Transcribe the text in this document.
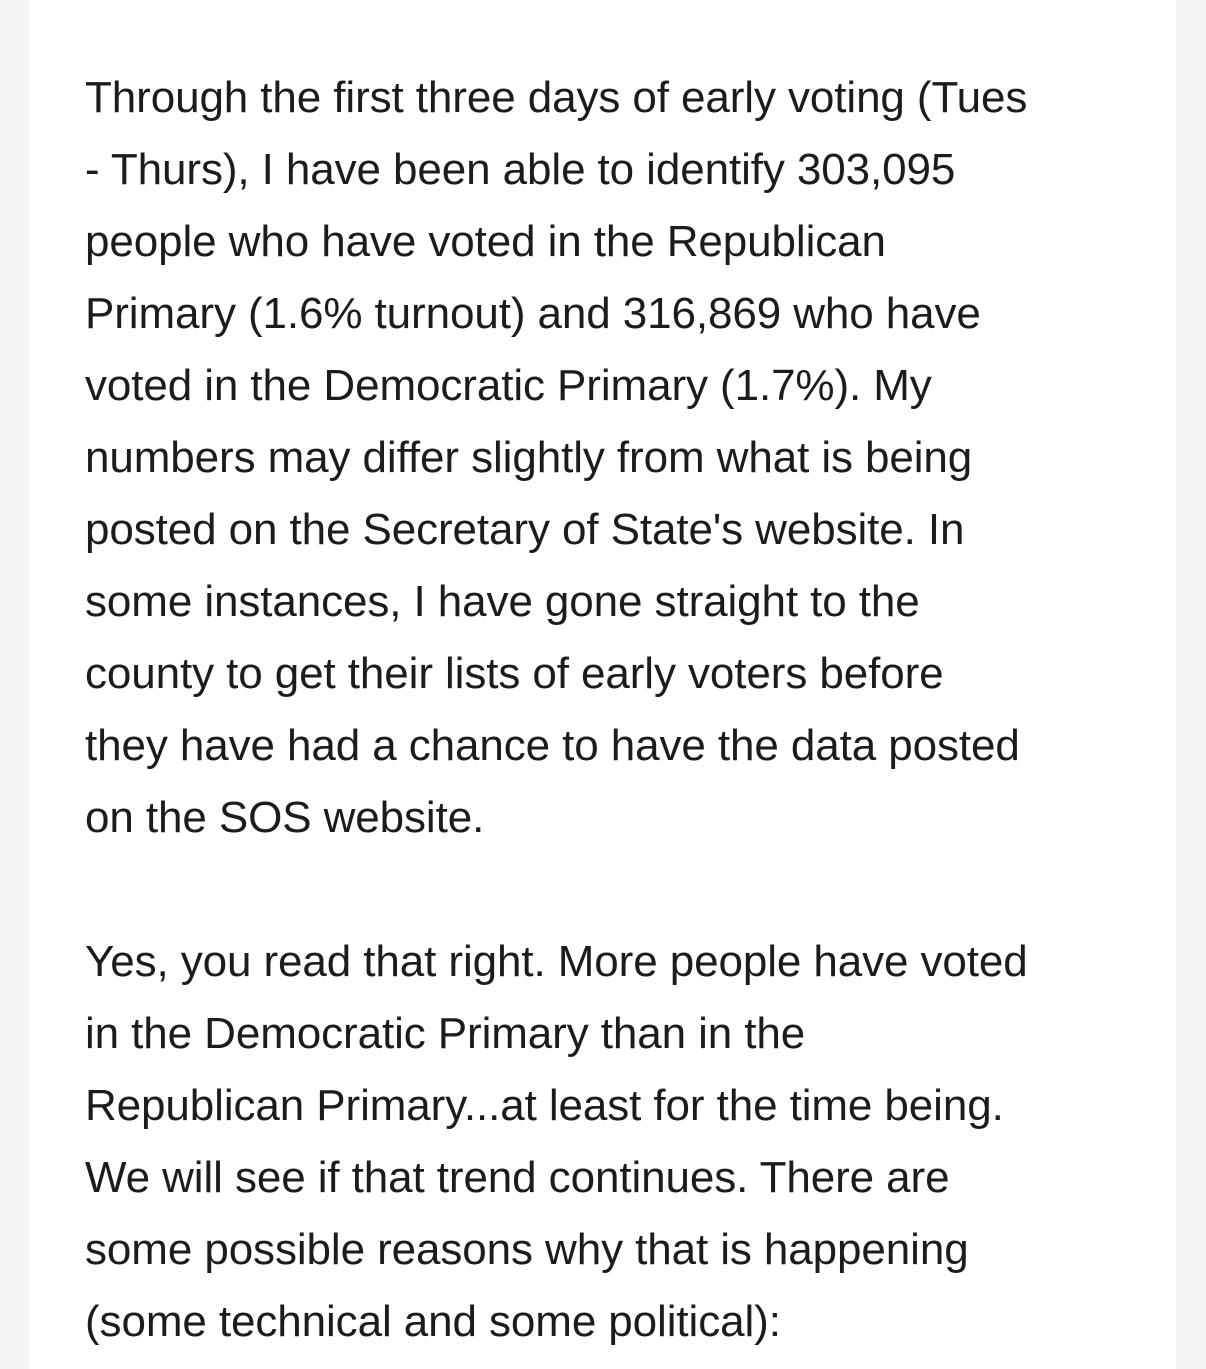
Through the first three days of early voting (Tues
- Thurs), I have been able to identify 303,095
people who have voted in the Republican
Primary (1.6% turnout) and 316,869 who have
voted in the Democratic Primary (1.7%). My
numbers may differ slightly from what is being
posted on the Secretary of State's website. In
some instances, I have gone straight to the
county to get their lists of early voters before
they have had a chance to have the data posted
on the SOS website.

Yes, you read that right. More people have voted
in the Democratic Primary than in the
Republican Primary...at least for the time being.
We will see if that trend continues. There are
some possible reasons why that is happening
(some technical and some political):
